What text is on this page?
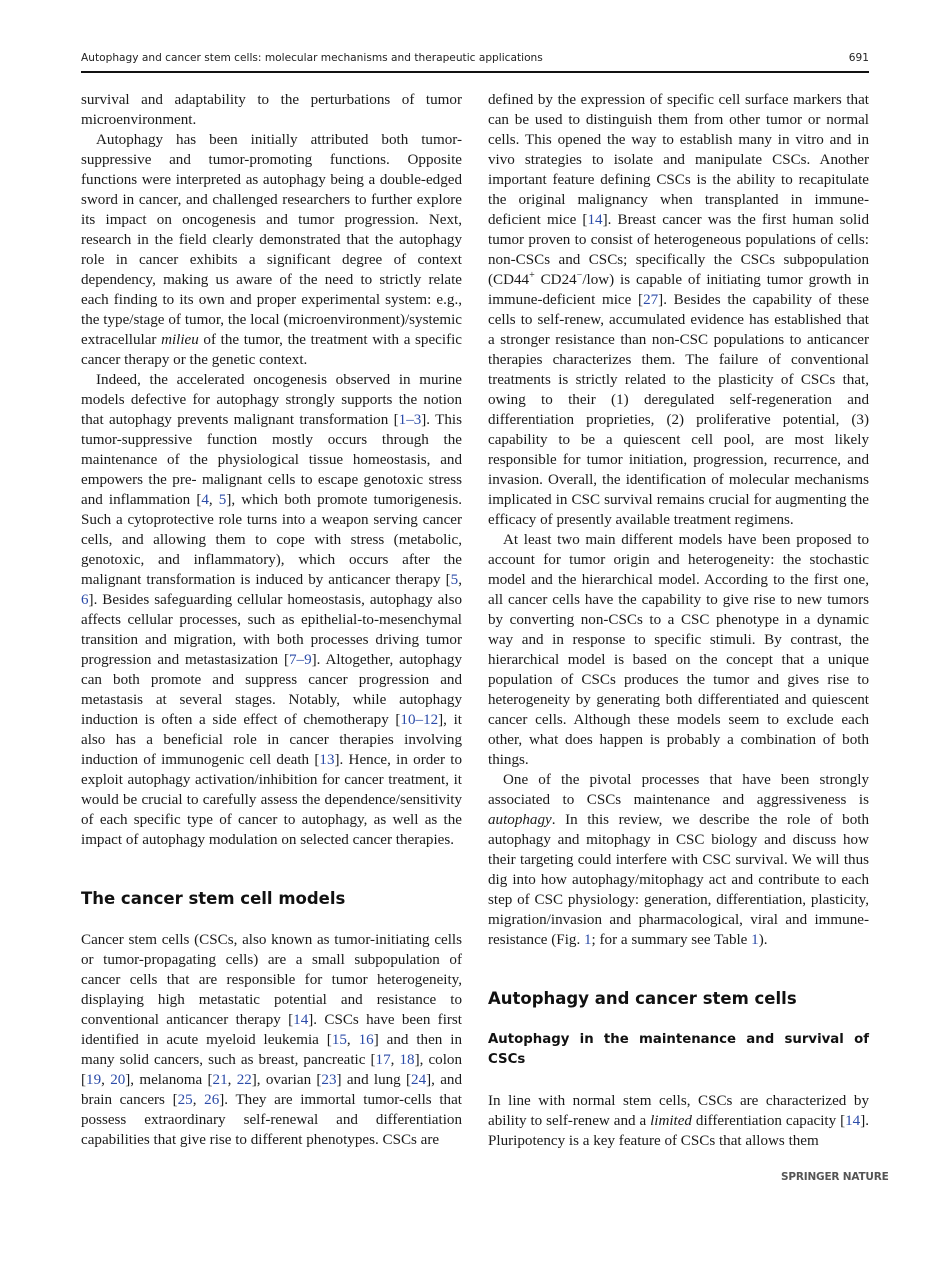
Autophagy and cancer stem cells: molecular mechanisms and therapeutic applications	691

survival and adaptability to the perturbations of tumor microenvironment.

Autophagy has been initially attributed both tumor-suppressive and tumor-promoting functions. Opposite functions were interpreted as autophagy being a double-edged sword in cancer, and challenged researchers to further explore its impact on oncogenesis and tumor progression. Next, research in the field clearly demonstrated that the autophagy role in cancer exhibits a significant degree of context dependency, making us aware of the need to strictly relate each finding to its own and proper experimental system: e.g., the type/stage of tumor, the local (microenvironment)/systemic extracellular milieu of the tumor, the treatment with a specific cancer therapy or the genetic context.

Indeed, the accelerated oncogenesis observed in murine models defective for autophagy strongly supports the notion that autophagy prevents malignant transformation [1–3]. This tumor-suppressive function mostly occurs through the maintenance of the physiological tissue homeostasis, and empowers the pre- malignant cells to escape genotoxic stress and inflammation [4, 5], which both promote tumorigenesis. Such a cytoprotective role turns into a weapon serving cancer cells, and allowing them to cope with stress (metabolic, genotoxic, and inflammatory), which occurs after the malignant transformation is induced by anticancer therapy [5, 6]. Besides safeguarding cellular homeostasis, autophagy also affects cellular processes, such as epithelial-to-mesenchymal transition and migration, with both processes driving tumor progression and metastasization [7–9]. Altogether, autophagy can both promote and suppress cancer progression and metastasis at several stages. Notably, while autophagy induction is often a side effect of chemotherapy [10–12], it also has a beneficial role in cancer therapies involving induction of immunogenic cell death [13]. Hence, in order to exploit autophagy activation/inhibition for cancer treatment, it would be crucial to carefully assess the dependence/sensitivity of each specific type of cancer to autophagy, as well as the impact of autophagy modulation on selected cancer therapies.

The cancer stem cell models

Cancer stem cells (CSCs, also known as tumor-initiating cells or tumor-propagating cells) are a small subpopulation of cancer cells that are responsible for tumor heterogeneity, displaying high metastatic potential and resistance to conventional anticancer therapy [14]. CSCs have been first identified in acute myeloid leukemia [15, 16] and then in many solid cancers, such as breast, pancreatic [17, 18], colon [19, 20], melanoma [21, 22], ovarian [23] and lung [24], and brain cancers [25, 26]. They are immortal tumor-cells that possess extraordinary self-renewal and differentiation capabilities that give rise to different phenotypes. CSCs are

defined by the expression of specific cell surface markers that can be used to distinguish them from other tumor or normal cells. This opened the way to establish many in vitro and in vivo strategies to isolate and manipulate CSCs. Another important feature defining CSCs is the ability to recapitulate the original malignancy when transplanted in immune-deficient mice [14]. Breast cancer was the first human solid tumor proven to consist of heterogeneous populations of cells: non-CSCs and CSCs; specifically the CSCs subpopulation (CD44+ CD24−/low) is capable of initiating tumor growth in immune-deficient mice [27]. Besides the capability of these cells to self-renew, accumulated evidence has established that a stronger resistance than non-CSC populations to anticancer therapies characterizes them. The failure of conventional treatments is strictly related to the plasticity of CSCs that, owing to their (1) deregulated self-regeneration and differentiation proprieties, (2) proliferative potential, (3) capability to be a quiescent cell pool, are most likely responsible for tumor initiation, progression, recurrence, and invasion. Overall, the identification of molecular mechanisms implicated in CSC survival remains crucial for augmenting the efficacy of presently available treatment regimens.

At least two main different models have been proposed to account for tumor origin and heterogeneity: the stochastic model and the hierarchical model. According to the first one, all cancer cells have the capability to give rise to new tumors by converting non-CSCs to a CSC phenotype in a dynamic way and in response to specific stimuli. By contrast, the hierarchical model is based on the concept that a unique population of CSCs produces the tumor and gives rise to heterogeneity by generating both differentiated and quiescent cancer cells. Although these models seem to exclude each other, what does happen is probably a combination of both things.

One of the pivotal processes that have been strongly associated to CSCs maintenance and aggressiveness is autophagy. In this review, we describe the role of both autophagy and mitophagy in CSC biology and discuss how their targeting could interfere with CSC survival. We will thus dig into how autophagy/mitophagy act and contribute to each step of CSC physiology: generation, differentiation, plasticity, migration/invasion and pharmacological, viral and immune-resistance (Fig. 1; for a summary see Table 1).

Autophagy and cancer stem cells
Autophagy in the maintenance and survival of CSCs

In line with normal stem cells, CSCs are characterized by ability to self-renew and a limited differentiation capacity [14]. Pluripotency is a key feature of CSCs that allows them

SPRINGER NATURE
